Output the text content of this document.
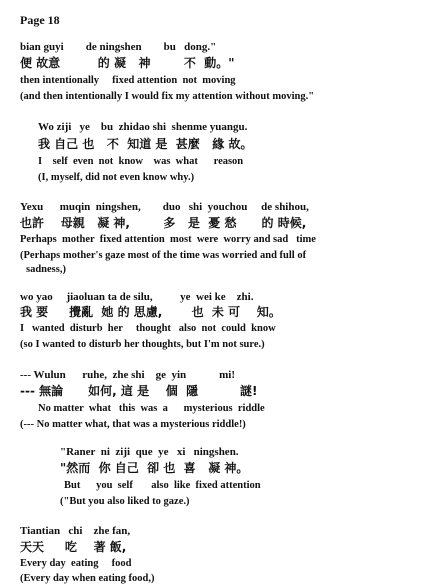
Page 18
bian guyi        de ningshen        bu   dong."
便 故意         的 凝   神        不  動。"
then intentionally     fixed attention  not  moving
(and then intentionally I would fix my attention without moving."
Wo ziji   ye    bu  zhidao shi  shenme yuangu.
我 自己 也   不  知道 是  甚麼   緣 故。
I    self  even  not  know    was  what      reason
(I, myself, did not even know why.)
Yexu      muqin  ningshen,        duo   shi  youchou     de shihou,
也許    母親   凝 神,        多   是  憂 愁      的 時候,
Perhaps  mother  fixed attention  most  were  worry and sad   time
(Perhaps mother's gaze most of the time was worried and full of
sadness,)
wo yao     jiaoluan ta de silu,          ye  wei ke    zhi.
我 要     攪亂  她 的 思慮,       也  未 可    知。
I   wanted  disturb  her     thought   also  not  could  know
(so I wanted to disturb her thoughts, but I'm not sure.)
--- Wulun      ruhe,  zhe shi    ge  yin            mi!
--- 無論      如何, 這 是    個  隱          謎!
No matter  what   this  was  a      mysterious  riddle
(--- No matter what, that was a mysterious riddle!)
"Raner  ni  ziji  que  ye   xi   ningshen.
"然而  你 自己  卻 也  喜   凝 神。
But      you  self       also  like  fixed attention
("But you also liked to gaze.)
Tiantian   chi    zhe fan,
天天     吃    著 飯,
Every day  eating     food
(Every day when eating food,)
